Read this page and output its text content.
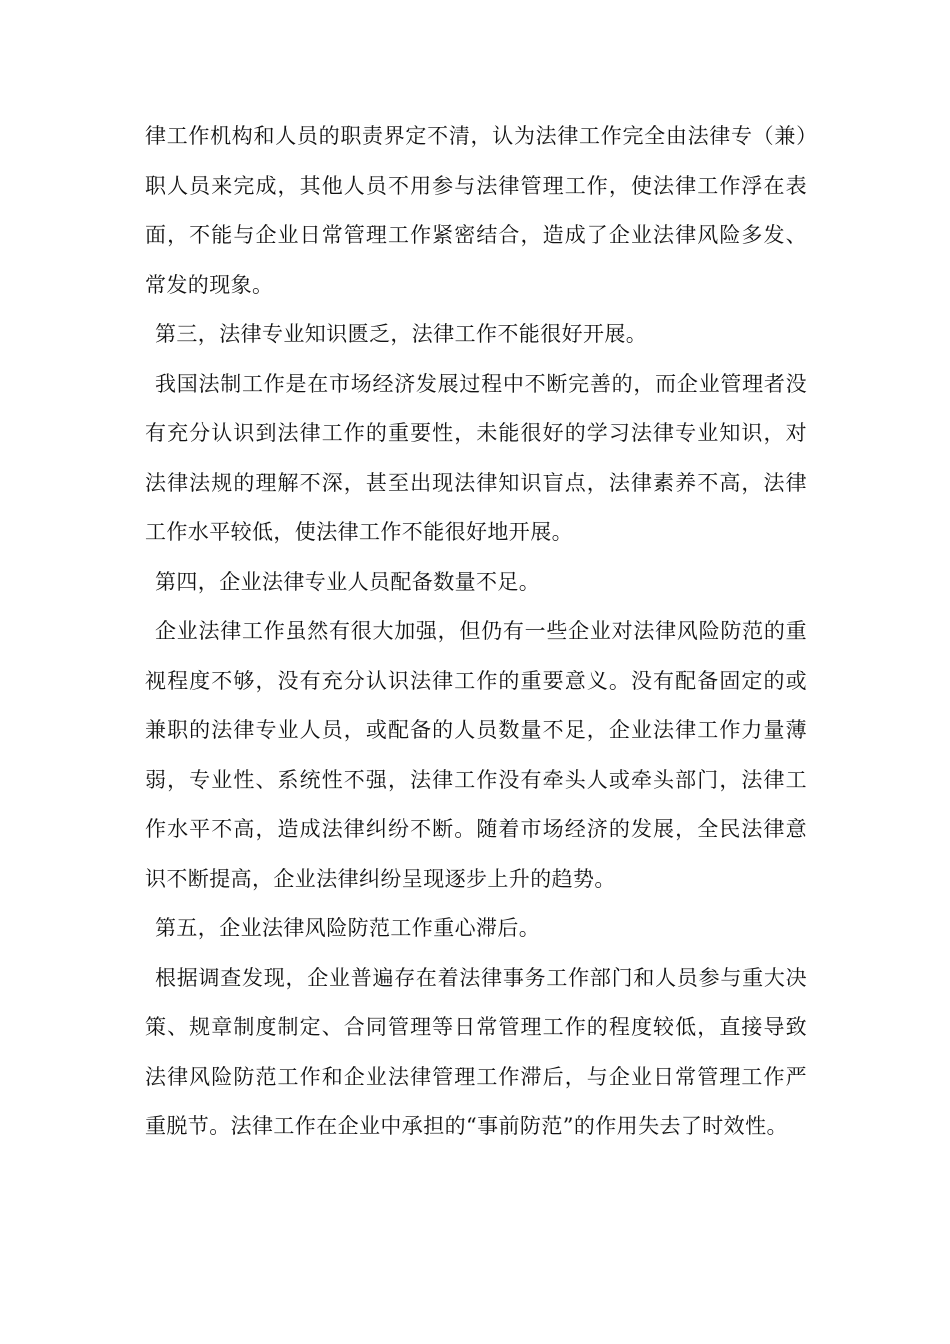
律工作机构和人员的职责界定不清，认为法律工作完全由法律专（兼）职人员来完成，其他人员不用参与法律管理工作，使法律工作浮在表面，不能与企业日常管理工作紧密结合，造成了企业法律风险多发、常发的现象。

第三，法律专业知识匮乏，法律工作不能很好开展。

我国法制工作是在市场经济发展过程中不断完善的，而企业管理者没有充分认识到法律工作的重要性，未能很好的学习法律专业知识，对法律法规的理解不深，甚至出现法律知识盲点，法律素养不高，法律工作水平较低，使法律工作不能很好地开展。

第四，企业法律专业人员配备数量不足。

企业法律工作虽然有很大加强，但仍有一些企业对法律风险防范的重视程度不够，没有充分认识法律工作的重要意义。没有配备固定的或兼职的法律专业人员，或配备的人员数量不足，企业法律工作力量薄弱，专业性、系统性不强，法律工作没有牵头人或牵头部门，法律工作水平不高，造成法律纠纷不断。随着市场经济的发展，全民法律意识不断提高，企业法律纠纷呈现逐步上升的趋势。

第五，企业法律风险防范工作重心滞后。

根据调查发现，企业普遍存在着法律事务工作部门和人员参与重大决策、规章制度制定、合同管理等日常管理工作的程度较低，直接导致法律风险防范工作和企业法律管理工作滞后，与企业日常管理工作严重脱节。法律工作在企业中承担的“事前防范”的作用失去了时效性。
